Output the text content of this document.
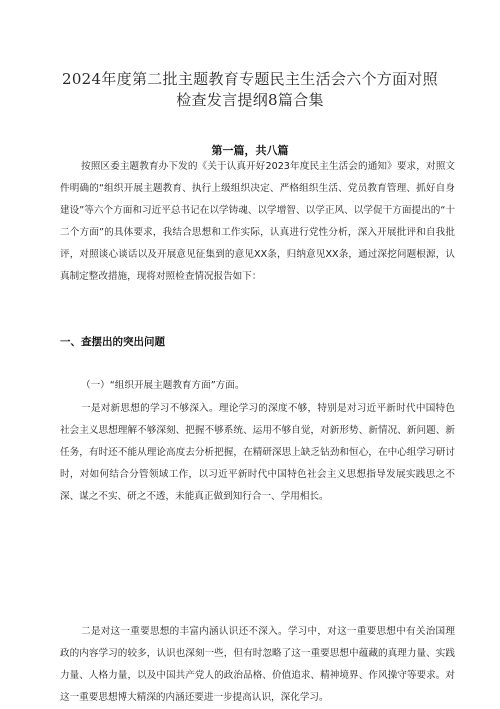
2024年度第二批主题教育专题民主生活会六个方面对照
检查发言提纲8篇合集
第一篇，共八篇

按照区委主题教育办下发的《关于认真开好2023年度民主生活会的通知》要求，对照文件明确的“组织开展主题教育、执行上级组织决定、严格组织生活、党员教育管理、抓好自身建设”等六个方面和习近平总书记在以学铸魂、以学增智、以学正风、以学促干方面提出的“十二个方面”的具体要求，我结合思想和工作实际，认真进行党性分析，深入开展批评和自我批评，对照谈心谈话以及开展意见征集到的意见XX条，归纳意见XX条，通过深挖问题根源，认真制定整改措施，现将对照检查情况报告如下：

一、查摆出的突出问题

（一）“组织开展主题教育方面”方面。

一是对新思想的学习不够深入。理论学习的深度不够，特别是对习近平新时代中国特色社会主义思想理解不够深刻、把握不够系统、运用不够自觉，对新形势、新情况、新问题、新任务，有时还不能从理论高度去分析把握，在精研深思上缺乏钻劲和恒心，在中心组学习研讨时，对如何结合分管领域工作，以习近平新时代中国特色社会主义思想指导发展实践思之不深、谋之不实、研之不透，未能真正做到知行合一、学用相长。

二是对这一重要思想的丰富内涵认识还不深入。学习中，对这一重要思想中有关治国理政的内容学习的较多，认识也深刻一些，但有时忽略了这一重要思想中蕴藏的真理力量、实践力量、人格力量，以及中国共产党人的政治品格、价值追求、精神境界、作风操守等要求。对这一重要思想博大精深的内涵还要进一步提高认识，深化学习。
